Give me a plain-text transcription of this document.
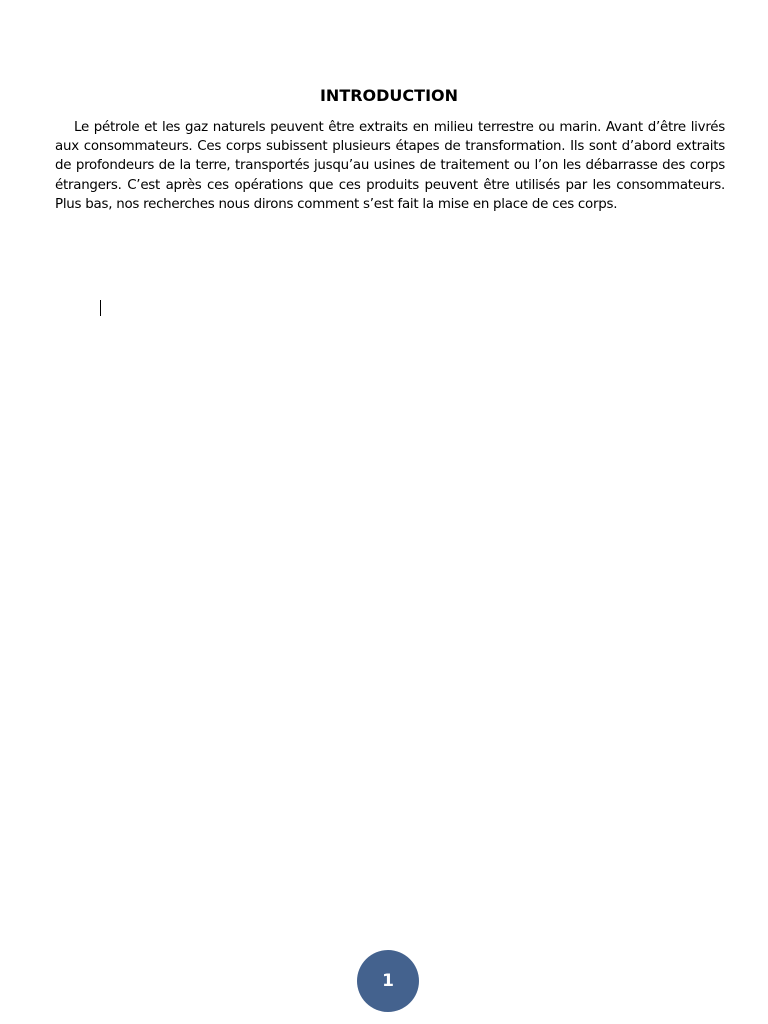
INTRODUCTION

Le pétrole et les gaz naturels peuvent être extraits en milieu terrestre ou marin. Avant d’être livrés aux consommateurs. Ces corps subissent plusieurs étapes de transformation. Ils sont d’abord extraits de profondeurs de la terre, transportés jusqu’au usines de traitement ou l’on les débarrasse des corps étrangers. C’est après ces opérations que ces produits peuvent être utilisés par les consommateurs. Plus bas, nos recherches nous dirons comment s’est fait la mise en place de ces corps.

1
